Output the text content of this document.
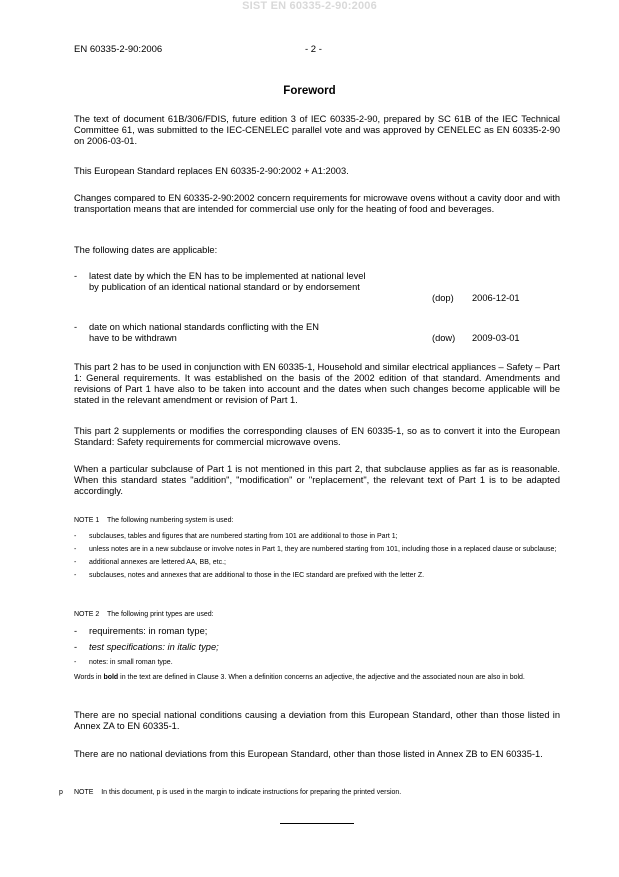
SIST EN 60335-2-90:2006
EN 60335-2-90:2006	- 2 -
Foreword
The text of document 61B/306/FDIS, future edition 3 of IEC 60335-2-90, prepared by SC 61B of the IEC Technical Committee 61, was submitted to the IEC-CENELEC parallel vote and was approved by CENELEC as EN 60335-2-90 on 2006-03-01.
This European Standard replaces EN 60335-2-90:2002 + A1:2003.
Changes compared to EN 60335-2-90:2002 concern requirements for microwave ovens without a cavity door and with transportation means that are intended for commercial use only for the heating of food and beverages.
The following dates are applicable:
- latest date by which the EN has to be implemented at national level by publication of an identical national standard or by endorsement
(dop) 2006-12-01
- date on which national standards conflicting with the EN have to be withdrawn	(dow) 2009-03-01
This part 2 has to be used in conjunction with EN 60335-1, Household and similar electrical appliances – Safety – Part 1: General requirements. It was established on the basis of the 2002 edition of that standard. Amendments and revisions of Part 1 have also to be taken into account and the dates when such changes become applicable will be stated in the relevant amendment or revision of Part 1.
This part 2 supplements or modifies the corresponding clauses of EN 60335-1, so as to convert it into the European Standard: Safety requirements for commercial microwave ovens.
When a particular subclause of Part 1 is not mentioned in this part 2, that subclause applies as far as is reasonable. When this standard states "addition", "modification" or "replacement", the relevant text of Part 1 is to be adapted accordingly.
NOTE 1 The following numbering system is used:
- subclauses, tables and figures that are numbered starting from 101 are additional to those in Part 1;
- unless notes are in a new subclause or involve notes in Part 1, they are numbered starting from 101, including those in a replaced clause or subclause;
- additional annexes are lettered AA, BB, etc.;
- subclauses, notes and annexes that are additional to those in the IEC standard are prefixed with the letter Z.
NOTE 2 The following print types are used:
- requirements: in roman type;
- test specifications: in italic type;
- notes: in small roman type.
Words in bold in the text are defined in Clause 3. When a definition concerns an adjective, the adjective and the associated noun are also in bold.
There are no special national conditions causing a deviation from this European Standard, other than those listed in Annex ZA to EN 60335-1.
There are no national deviations from this European Standard, other than those listed in Annex ZB to EN 60335-1.
p	NOTE In this document, p is used in the margin to indicate instructions for preparing the printed version.
